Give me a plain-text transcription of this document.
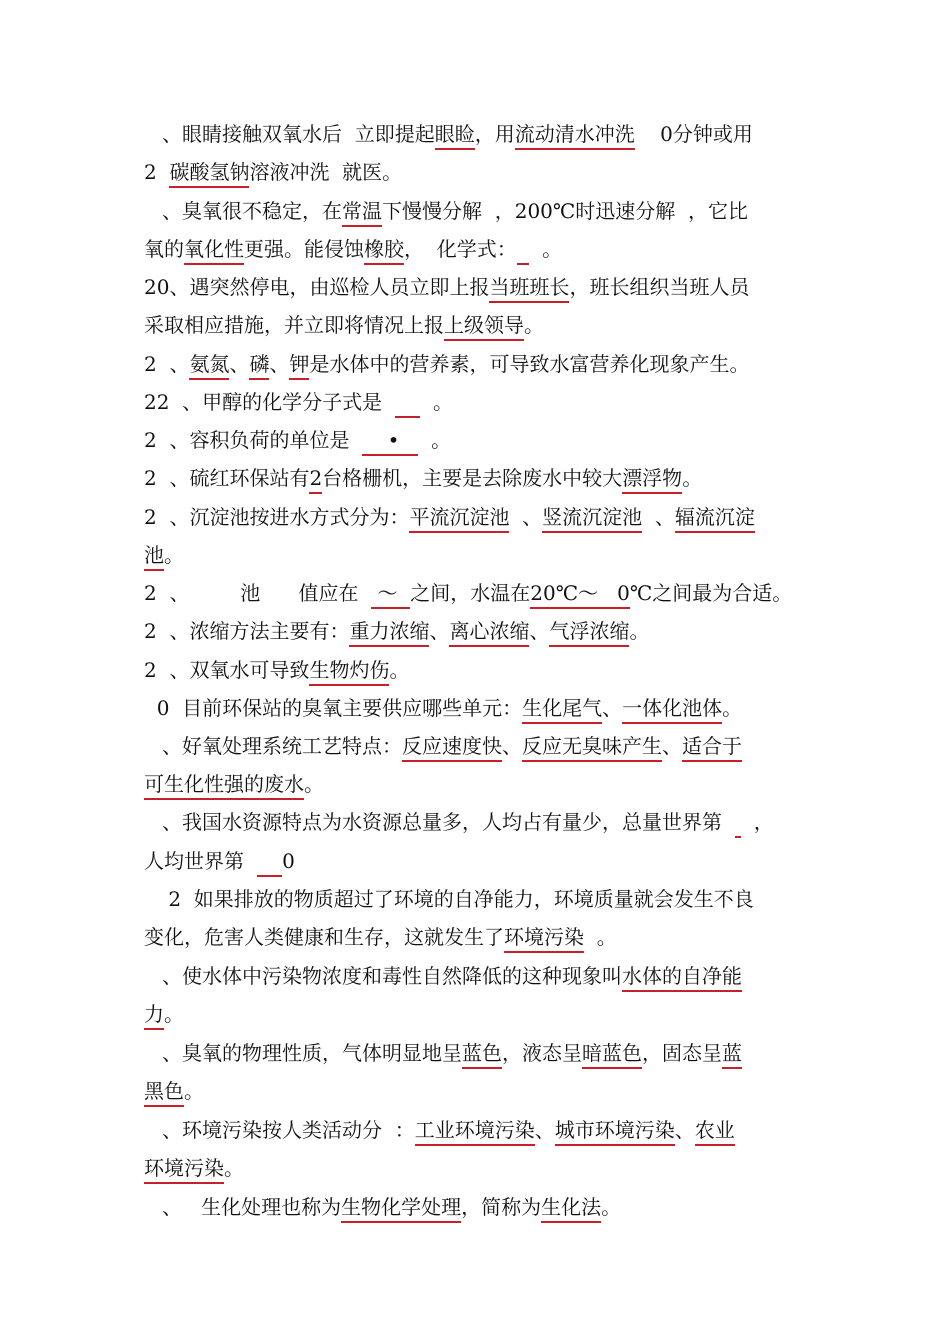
、眼睛接触双氧水后  立即提起眼睑，用流动清水冲洗    0分钟或用
2  碳酸氢钠溶液冲洗  就医。
、臭氧很不稳定，在常温下慢慢分解  ，200℃时迅速分解  ，它比
氧的氧化性更强。能侵蚀橡胶，  化学式：    。
20、遇突然停电，由巡检人员立即上报当班班长，班长组织当班人员
采取相应措施，并立即将情况上报上级领导。
2  、氨氮、磷、钾是水体中的营养素，可导致水富营养化现象产生。
22  、甲醇的化学分子式是        。
2  、容积负荷的单位是      •     。
2  、硫红环保站有2台格栅机，主要是去除废水中较大漂浮物。
2  、沉淀池按进水方式分为：平流沉淀池  、竖流沉淀池  、辐流沉淀
池。
2  、        池      值应在   ～  之间，水温在20℃～   0℃之间最为合适。
2  、浓缩方法主要有：重力浓缩、离心浓缩、气浮浓缩。
2  、双氧水可导致生物灼伤。
0  目前环保站的臭氧主要供应哪些单元：生化尾气、一体化池体。
、好氧处理系统工艺特点：反应速度快、反应无臭味产生、适合于
可生化性强的废水。
、我国水资源特点为水资源总量多，人均占有量少，总量世界第     ，
人均世界第      0
2  如果排放的物质超过了环境的自净能力，环境质量就会发生不良
变化，危害人类健康和生存，这就发生了环境污染  。
、使水体中污染物浓度和毒性自然降低的这种现象叫水体的自净能
力。
、臭氧的物理性质，气体明显地呈蓝色，液态呈暗蓝色，固态呈蓝
黑色。
、环境污染按人类活动分  ：工业环境污染、城市环境污染、农业
环境污染。
、   生化处理也称为生物化学处理，简称为生化法。
